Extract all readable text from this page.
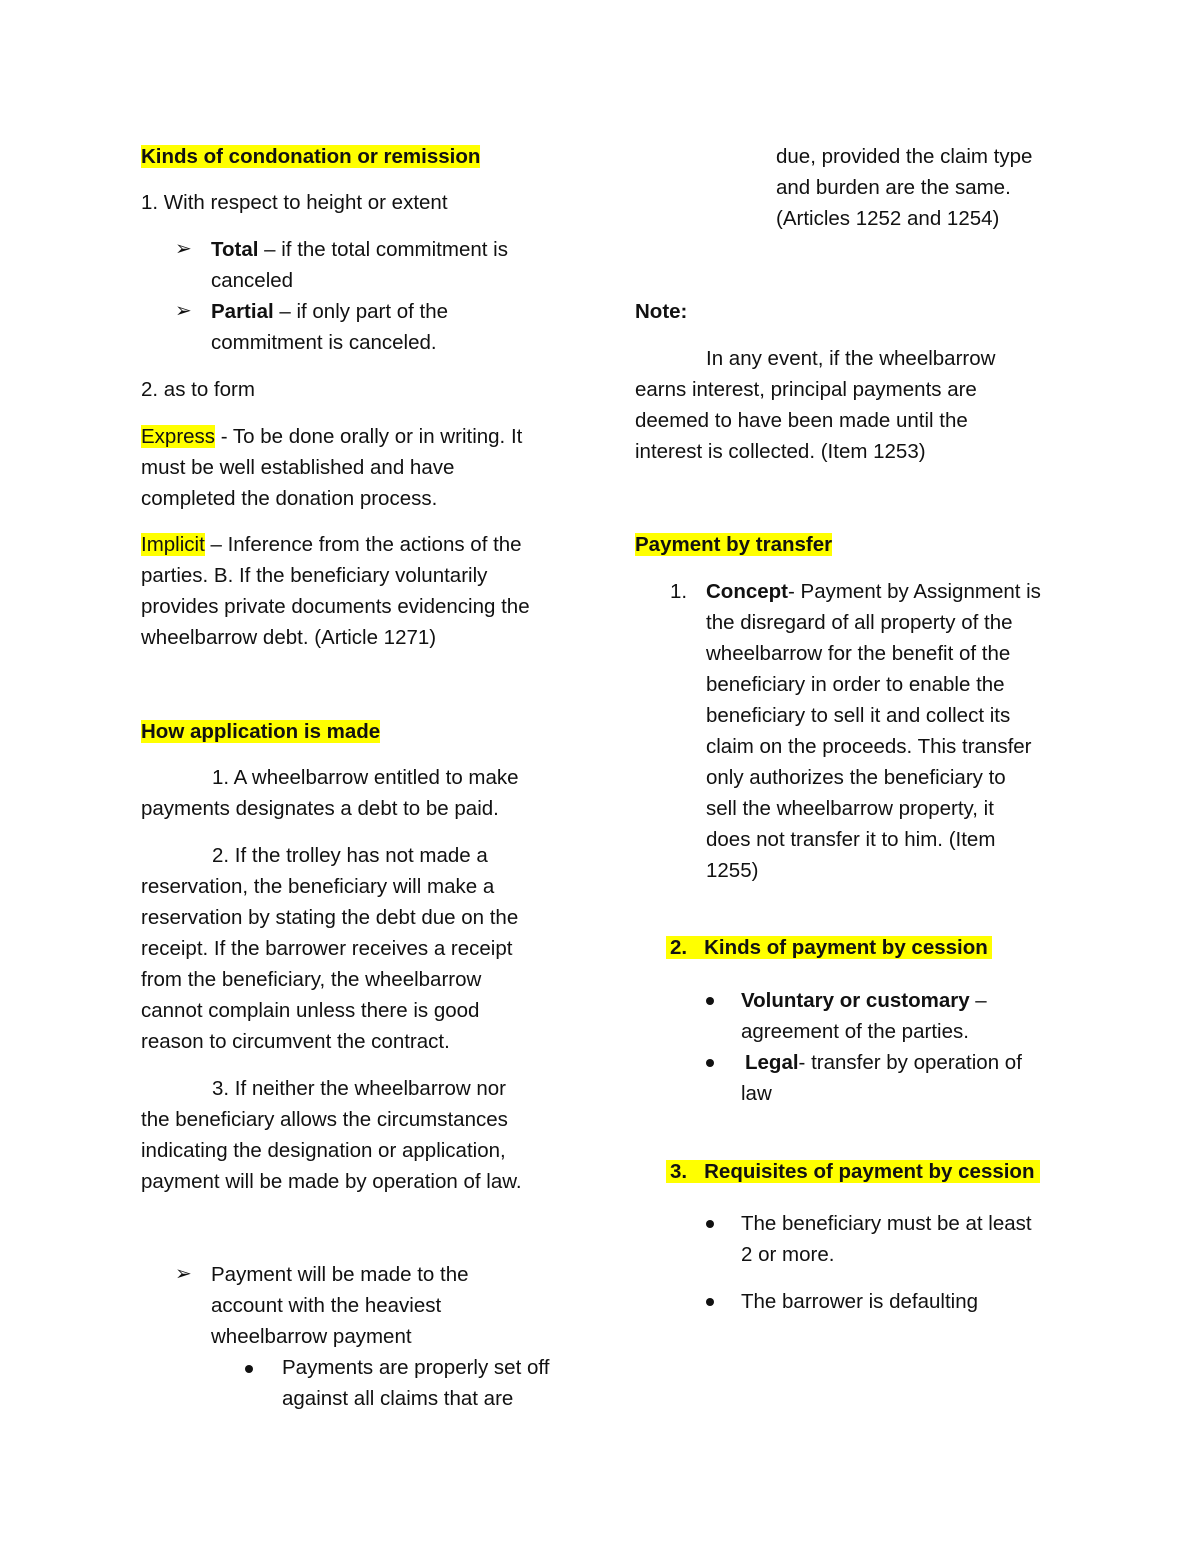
Kinds of condonation or remission

1. With respect to height or extent

➢ Total – if the total commitment is

canceled

➢ Partial – if only part of the

commitment is canceled.

2. as to form

Express - To be done orally or in writing. It

must be well established and have

completed the donation process.

Implicit – Inference from the actions of the

parties. B. If the beneficiary voluntarily

provides private documents evidencing the

wheelbarrow debt. (Article 1271)

How application is made

1. A wheelbarrow entitled to make

payments designates a debt to be paid.

2. If the trolley has not made a

reservation, the beneficiary will make a

reservation by stating the debt due on the

receipt. If the barrower receives a receipt

from the beneficiary, the wheelbarrow

cannot complain unless there is good

reason to circumvent the contract.

3. If neither the wheelbarrow nor

the beneficiary allows the circumstances

indicating the designation or application,

payment will be made by operation of law.

➢ Payment will be made to the

account with the heaviest

wheelbarrow payment

Payments are properly set off

against all claims that are

due, provided the claim type

and burden are the same.

(Articles 1252 and 1254)

Note:

In any event, if the wheelbarrow

earns interest, principal payments are

deemed to have been made until the

interest is collected. (Item 1253)

Payment by transfer

1. Concept- Payment by Assignment is

the disregard of all property of the

wheelbarrow for the benefit of the

beneficiary in order to enable the

beneficiary to sell it and collect its

claim on the proceeds. This transfer

only authorizes the beneficiary to

sell the wheelbarrow property, it

does not transfer it to him. (Item

1255)

2. Kinds of payment by cession

Voluntary or customary –

agreement of the parties.

Legal- transfer by operation of

law

3. Requisites of payment by cession

The beneficiary must be at least

2 or more.

The barrower is defaulting
